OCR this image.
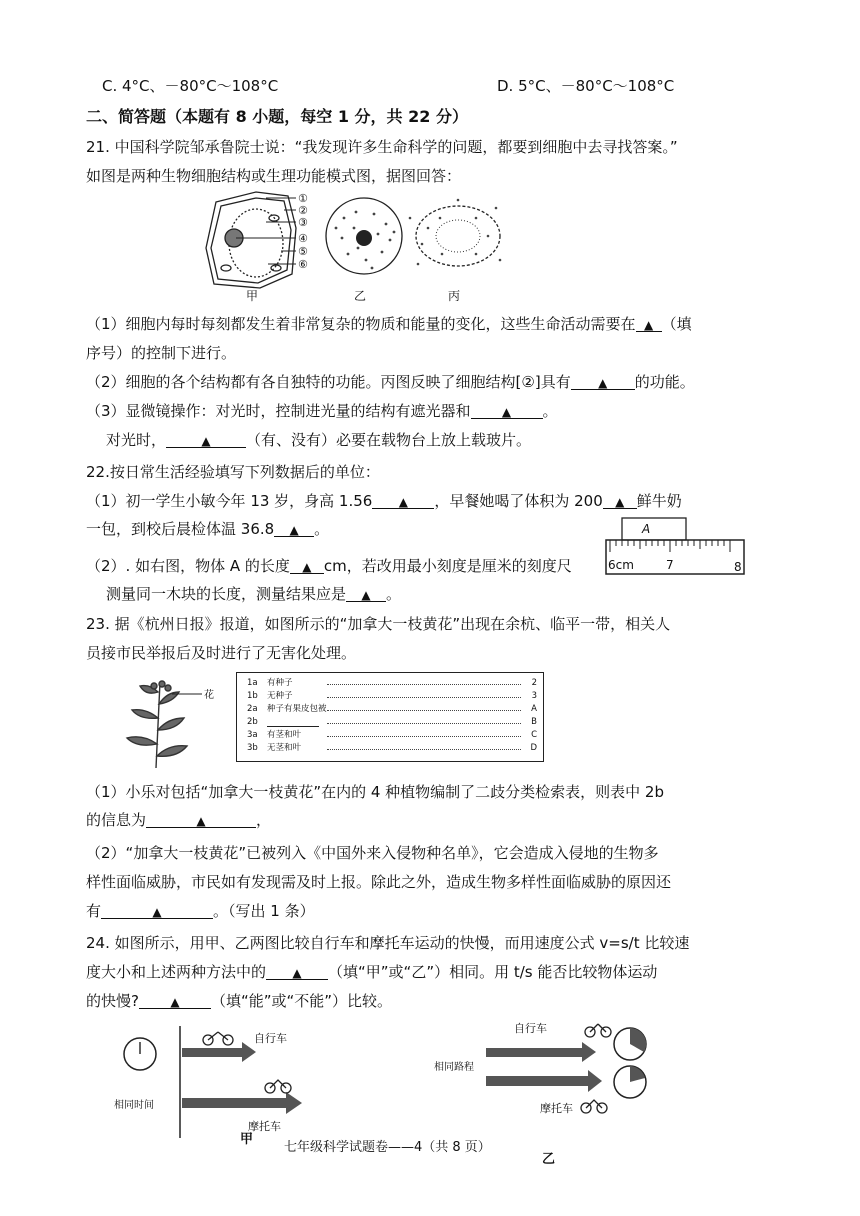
C. 4°C、－80°C～108°C	D. 5°C、－80°C～108°C
二、简答题（本题有 8 小题，每空 1 分，共 22 分）
21. 中国科学院邹承鲁院士说：“我发现许多生命科学的问题，都要到细胞中去寻找答案。”
如图是两种生物细胞结构或生理功能模式图，据图回答：
①
②
③
④
⑤
⑥
甲	乙	丙
（1）细胞内每时每刻都发生着非常复杂的物质和能量的变化，这些生命活动需要在 ▲ （填
序号）的控制下进行。
（2）细胞的各个结构都有各自独特的功能。丙图反映了细胞结构[②]具有 ▲ 的功能。
（3）显微镜操作：对光时，控制进光量的结构有遮光器和	▲ 。
对光时，	▲ （有、没有）必要在载物台上放上载玻片。
22.按日常生活经验填写下列数据后的单位：
（1）初一学生小敏今年 13 岁，身高 1.56 ▲ ，早餐她喝了体积为 200 ▲ 鲜牛奶
一包，到校后晨检体温 36.8 ▲ 。
（2）. 如右图，物体 A 的长度 ▲ cm，若改用最小刻度是厘米的刻度尺
测量同一木块的长度，测量结果应是 ▲ 。
A
6cm	7	8
23. 据《杭州日报》报道，如图所示的“加拿大一枝黄花”出现在余杭、临平一带，相关人
员接市民举报后及时进行了无害化处理。
花
1a 有种子	2
1b 无种子	3
2a 种子有果皮包被	A
2b	B
3a 有茎和叶	C
3b 无茎和叶	D
（1）小乐对包括“加拿大一枝黄花”在内的 4 种植物编制了二歧分类检索表，则表中 2b
的信息为	▲	，
（2）“加拿大一枝黄花”已被列入《中国外来入侵物种名单》，它会造成入侵地的生物多
样性面临威胁，市民如有发现需及时上报。除此之外，造成生物多样性面临威胁的原因还
有	▲	。（写出 1 条）
24. 如图所示，用甲、乙两图比较自行车和摩托车运动的快慢，而用速度公式 v=s/t 比较速
度大小和上述两种方法中的 ▲ （填“甲”或“乙”）相同。用 t/s 能否比较物体运动
的快慢?	▲ （填“能”或“不能”）比较。
自行车
相同时间
摩托车
甲
自行车
相同路程
摩托车
乙
七年级科学试题卷——4（共 8 页）
